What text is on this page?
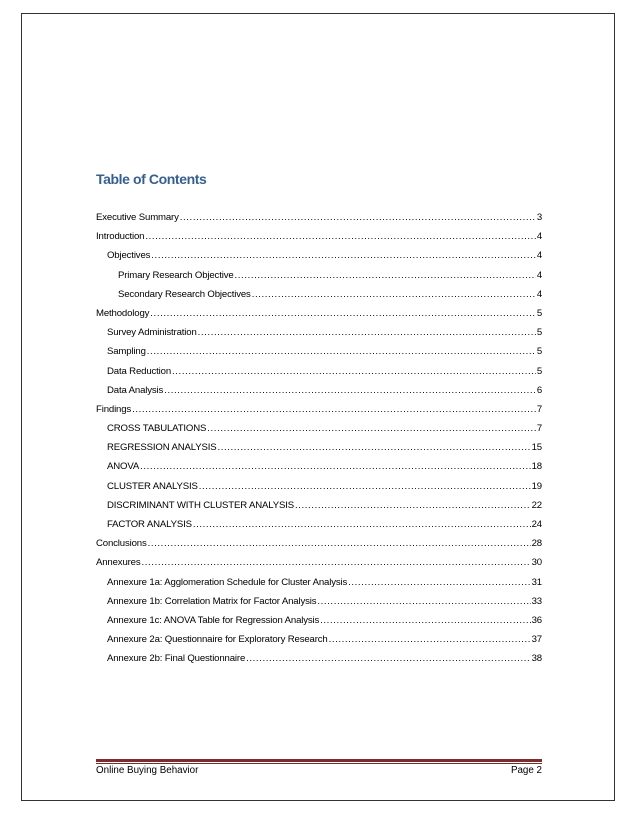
Table of Contents
Executive Summary .....	3
Introduction .....	4
Objectives .....	4
Primary Research Objective .....	4
Secondary Research Objectives .....	4
Methodology .....	5
Survey Administration .....	5
Sampling .....	5
Data Reduction .....	5
Data Analysis .....	6
Findings .....	7
CROSS TABULATIONS .....	7
REGRESSION ANALYSIS .....	15
ANOVA .....	18
CLUSTER ANALYSIS .....	19
DISCRIMINANT WITH CLUSTER ANALYSIS .....	22
FACTOR ANALYSIS .....	24
Conclusions .....	28
Annexures .....	30
Annexure 1a: Agglomeration Schedule for Cluster Analysis .....	31
Annexure 1b: Correlation Matrix for Factor Analysis .....	33
Annexure 1c: ANOVA Table for Regression Analysis .....	36
Annexure 2a: Questionnaire for Exploratory Research .....	37
Annexure 2b: Final Questionnaire .....	38
Online Buying Behavior	Page 2
